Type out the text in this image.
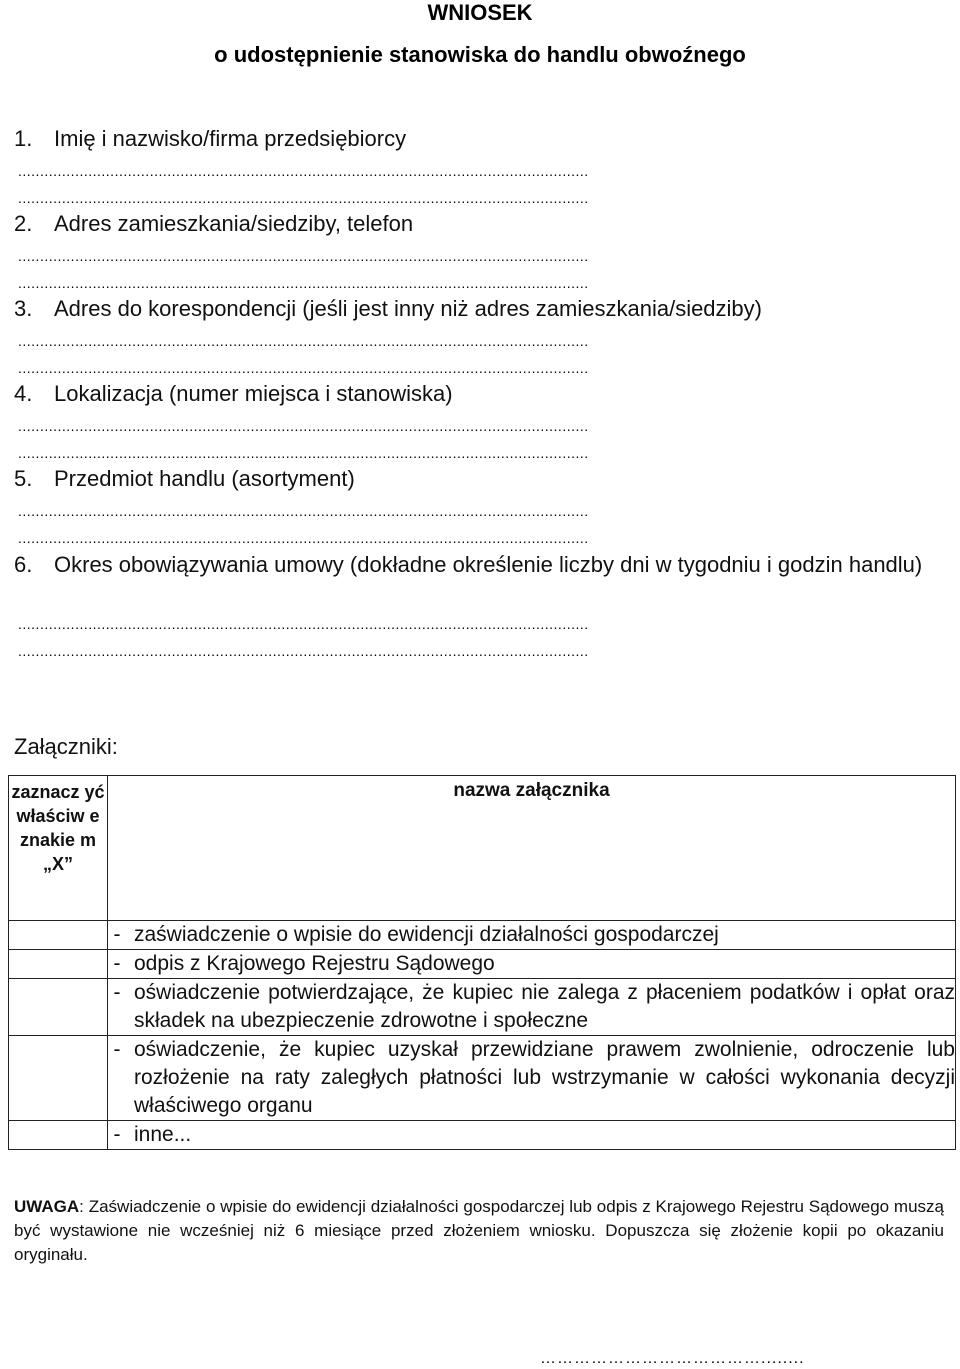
WNIOSEK
o udostępnienie stanowiska do handlu obwoźnego
1. Imię i nazwisko/firma przedsiębiorcy
..................................................................................................................................
..................................................................................................................................
2. Adres zamieszkania/siedziby, telefon
..................................................................................................................................
..................................................................................................................................
3. Adres do korespondencji (jeśli jest inny niż adres zamieszkania/siedziby)
..................................................................................................................................
..................................................................................................................................
4. Lokalizacja (numer miejsca i stanowiska)
..................................................................................................................................
..................................................................................................................................
5. Przedmiot handlu (asortyment)
..................................................................................................................................
..................................................................................................................................
6. Okres obowiązywania umowy (dokładne określenie liczby dni w tygodniu i godzin handlu)
..................................................................................................................................
..................................................................................................................................
Załączniki:
zaznacz yć właściw e znakie m „X”	nazwa załącznika

	- zaświadczenie o wpisie do ewidencji działalności gospodarczej

	- odpis z Krajowego Rejestru Sądowego

	- oświadczenie potwierdzające, że kupiec nie zalega z płaceniem podatków i opłat oraz składek na ubezpieczenie zdrowotne i społeczne

	- oświadczenie, że kupiec uzyskał przewidziane prawem zwolnienie, odroczenie lub rozłożenie na raty zaległych płatności lub wstrzymanie w całości wykonania decyzji właściwego organu

	- inne...
UWAGA: Zaświadczenie o wpisie do ewidencji działalności gospodarczej lub odpis z Krajowego Rejestru Sądowego muszą być wystawione nie wcześniej niż 6 miesiące przed złożeniem wniosku. Dopuszcza się złożenie kopii po okazaniu oryginału.
…………………………………........
